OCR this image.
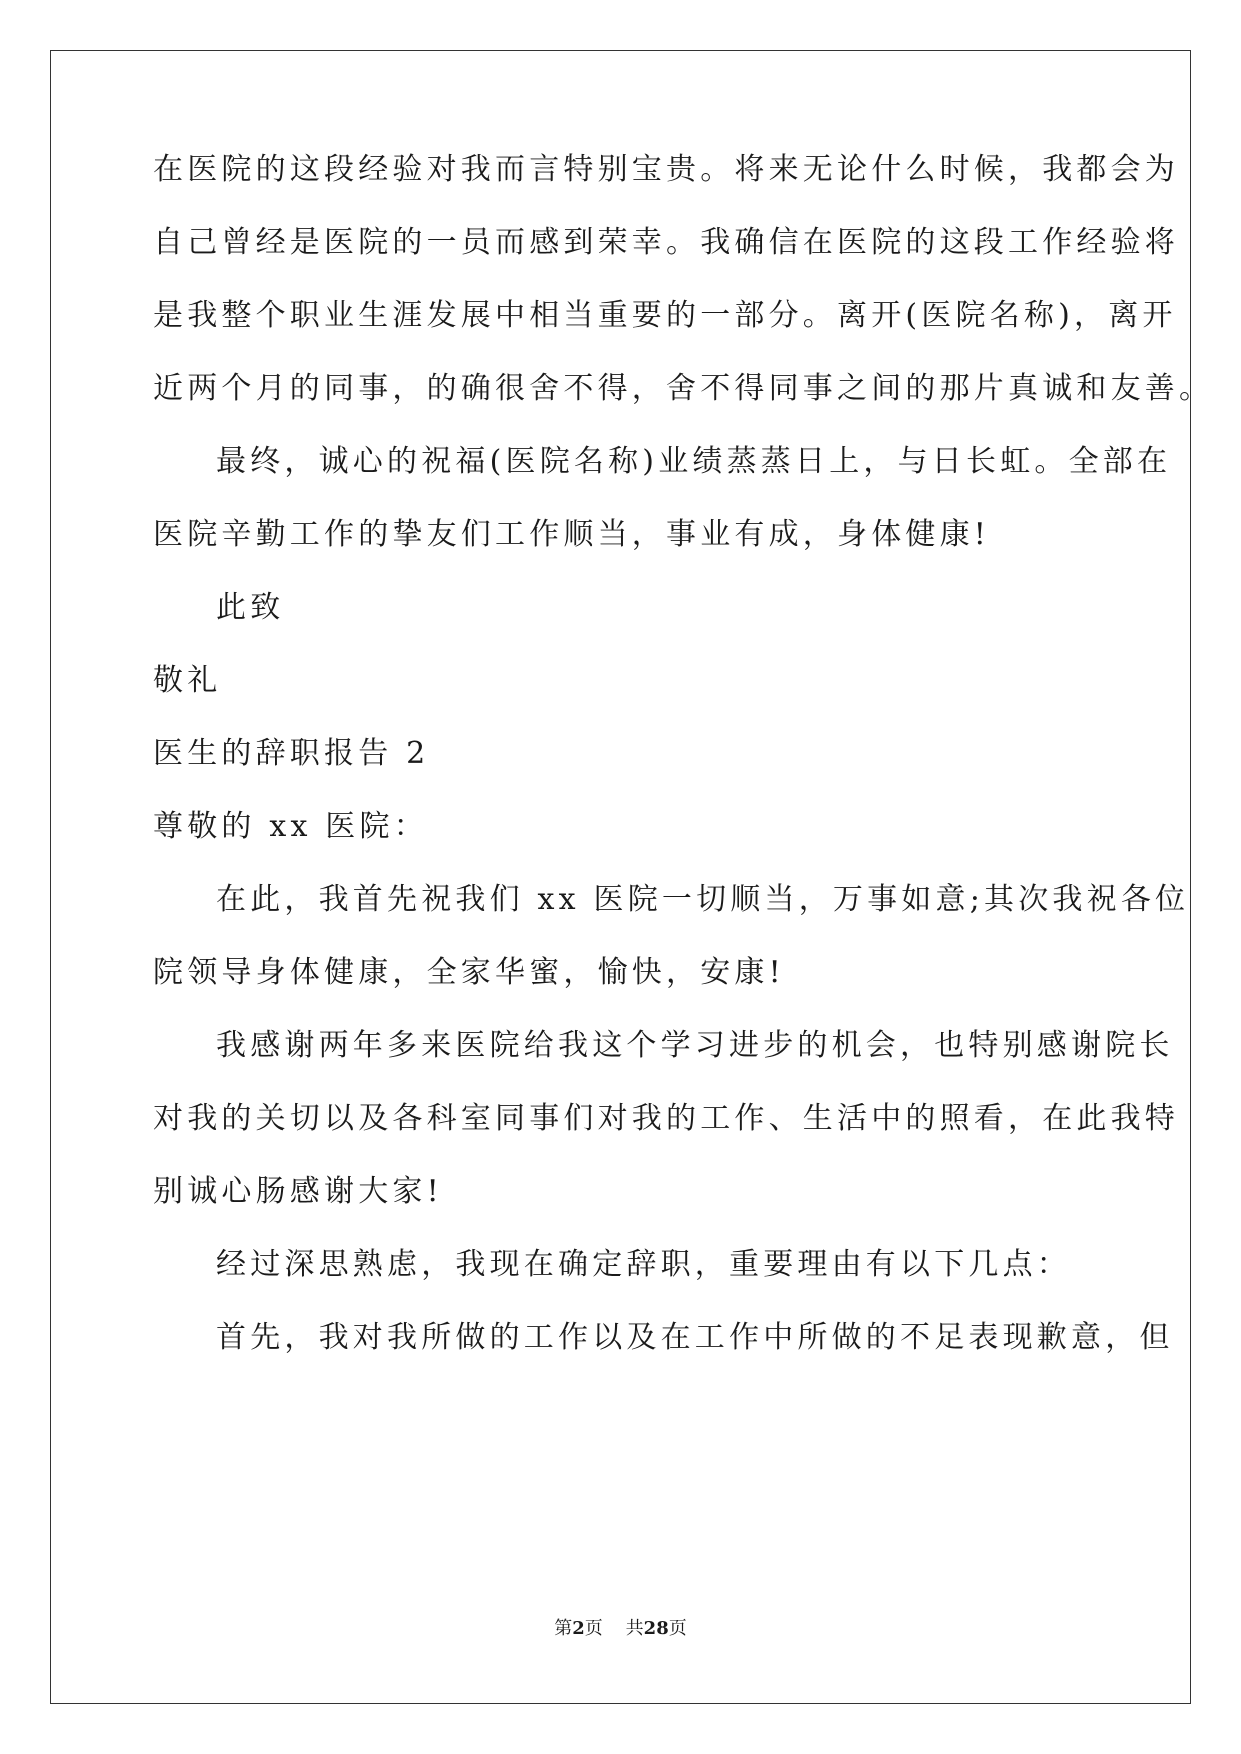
在医院的这段经验对我而言特别宝贵。将来无论什么时候，我都会为
自己曾经是医院的一员而感到荣幸。我确信在医院的这段工作经验将
是我整个职业生涯发展中相当重要的一部分。离开(医院名称)，离开
近两个月的同事，的确很舍不得，舍不得同事之间的那片真诚和友善。
最终，诚心的祝福(医院名称)业绩蒸蒸日上，与日长虹。全部在
医院辛勤工作的挚友们工作顺当，事业有成，身体健康!
此致
敬礼
医生的辞职报告 2
尊敬的 xx 医院：
在此，我首先祝我们 xx 医院一切顺当，万事如意;其次我祝各位
院领导身体健康，全家华蜜，愉快，安康!
我感谢两年多来医院给我这个学习进步的机会，也特别感谢院长
对我的关切以及各科室同事们对我的工作、生活中的照看，在此我特
别诚心肠感谢大家!
经过深思熟虑，我现在确定辞职，重要理由有以下几点：
首先，我对我所做的工作以及在工作中所做的不足表现歉意，但
第2页 共28页
